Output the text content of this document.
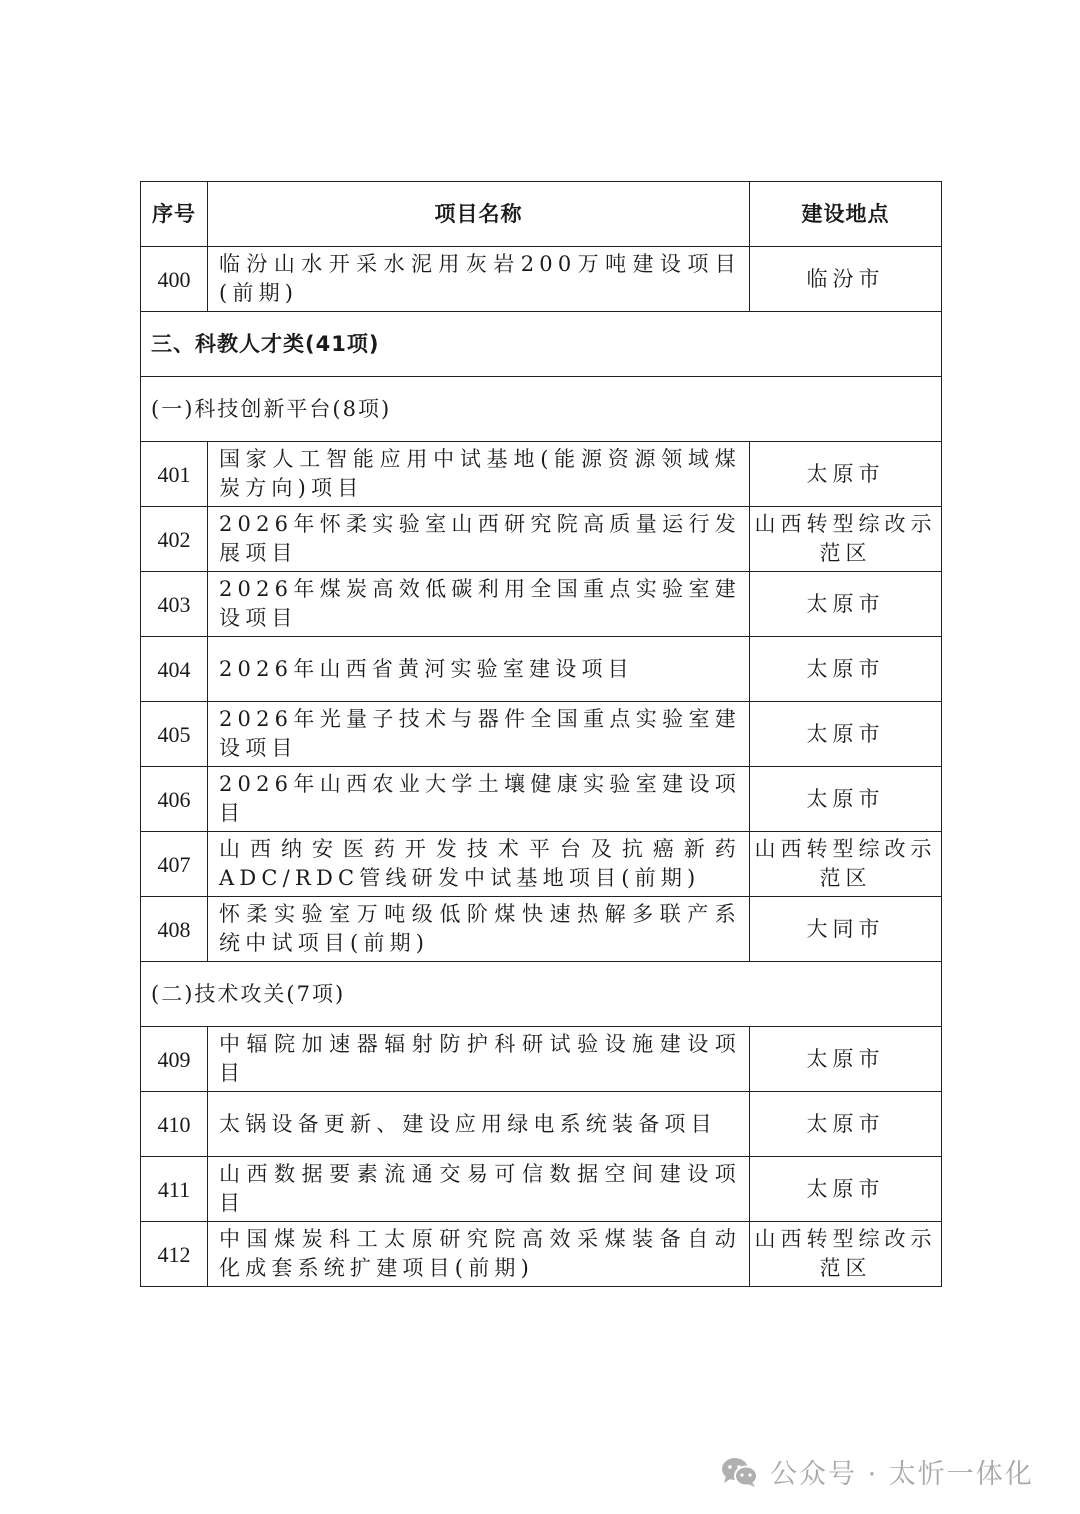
序号	项目名称	建设地点
400	临汾山水开采水泥用灰岩200万吨建设项目(前期)	临汾市
三、科教人才类(41项)		
(一)科技创新平台(8项)		
401	国家人工智能应用中试基地(能源资源领域煤炭方向)项目	太原市
402	2026年怀柔实验室山西研究院高质量运行发展项目	山西转型综改示范区
403	2026年煤炭高效低碳利用全国重点实验室建设项目	太原市
404	2026年山西省黄河实验室建设项目	太原市
405	2026年光量子技术与器件全国重点实验室建设项目	太原市
406	2026年山西农业大学土壤健康实验室建设项目	太原市
407	山西纳安医药开发技术平台及抗癌新药ADC/RDC管线研发中试基地项目(前期)	山西转型综改示范区
408	怀柔实验室万吨级低阶煤快速热解多联产系统中试项目(前期)	大同市
(二)技术攻关(7项)		
409	中辐院加速器辐射防护科研试验设施建设项目	太原市
410	太锅设备更新、建设应用绿电系统装备项目	太原市
411	山西数据要素流通交易可信数据空间建设项目	太原市
412	中国煤炭科工太原研究院高效采煤装备自动化成套系统扩建项目(前期)	山西转型综改示范区
公众号 · 太忻一体化
